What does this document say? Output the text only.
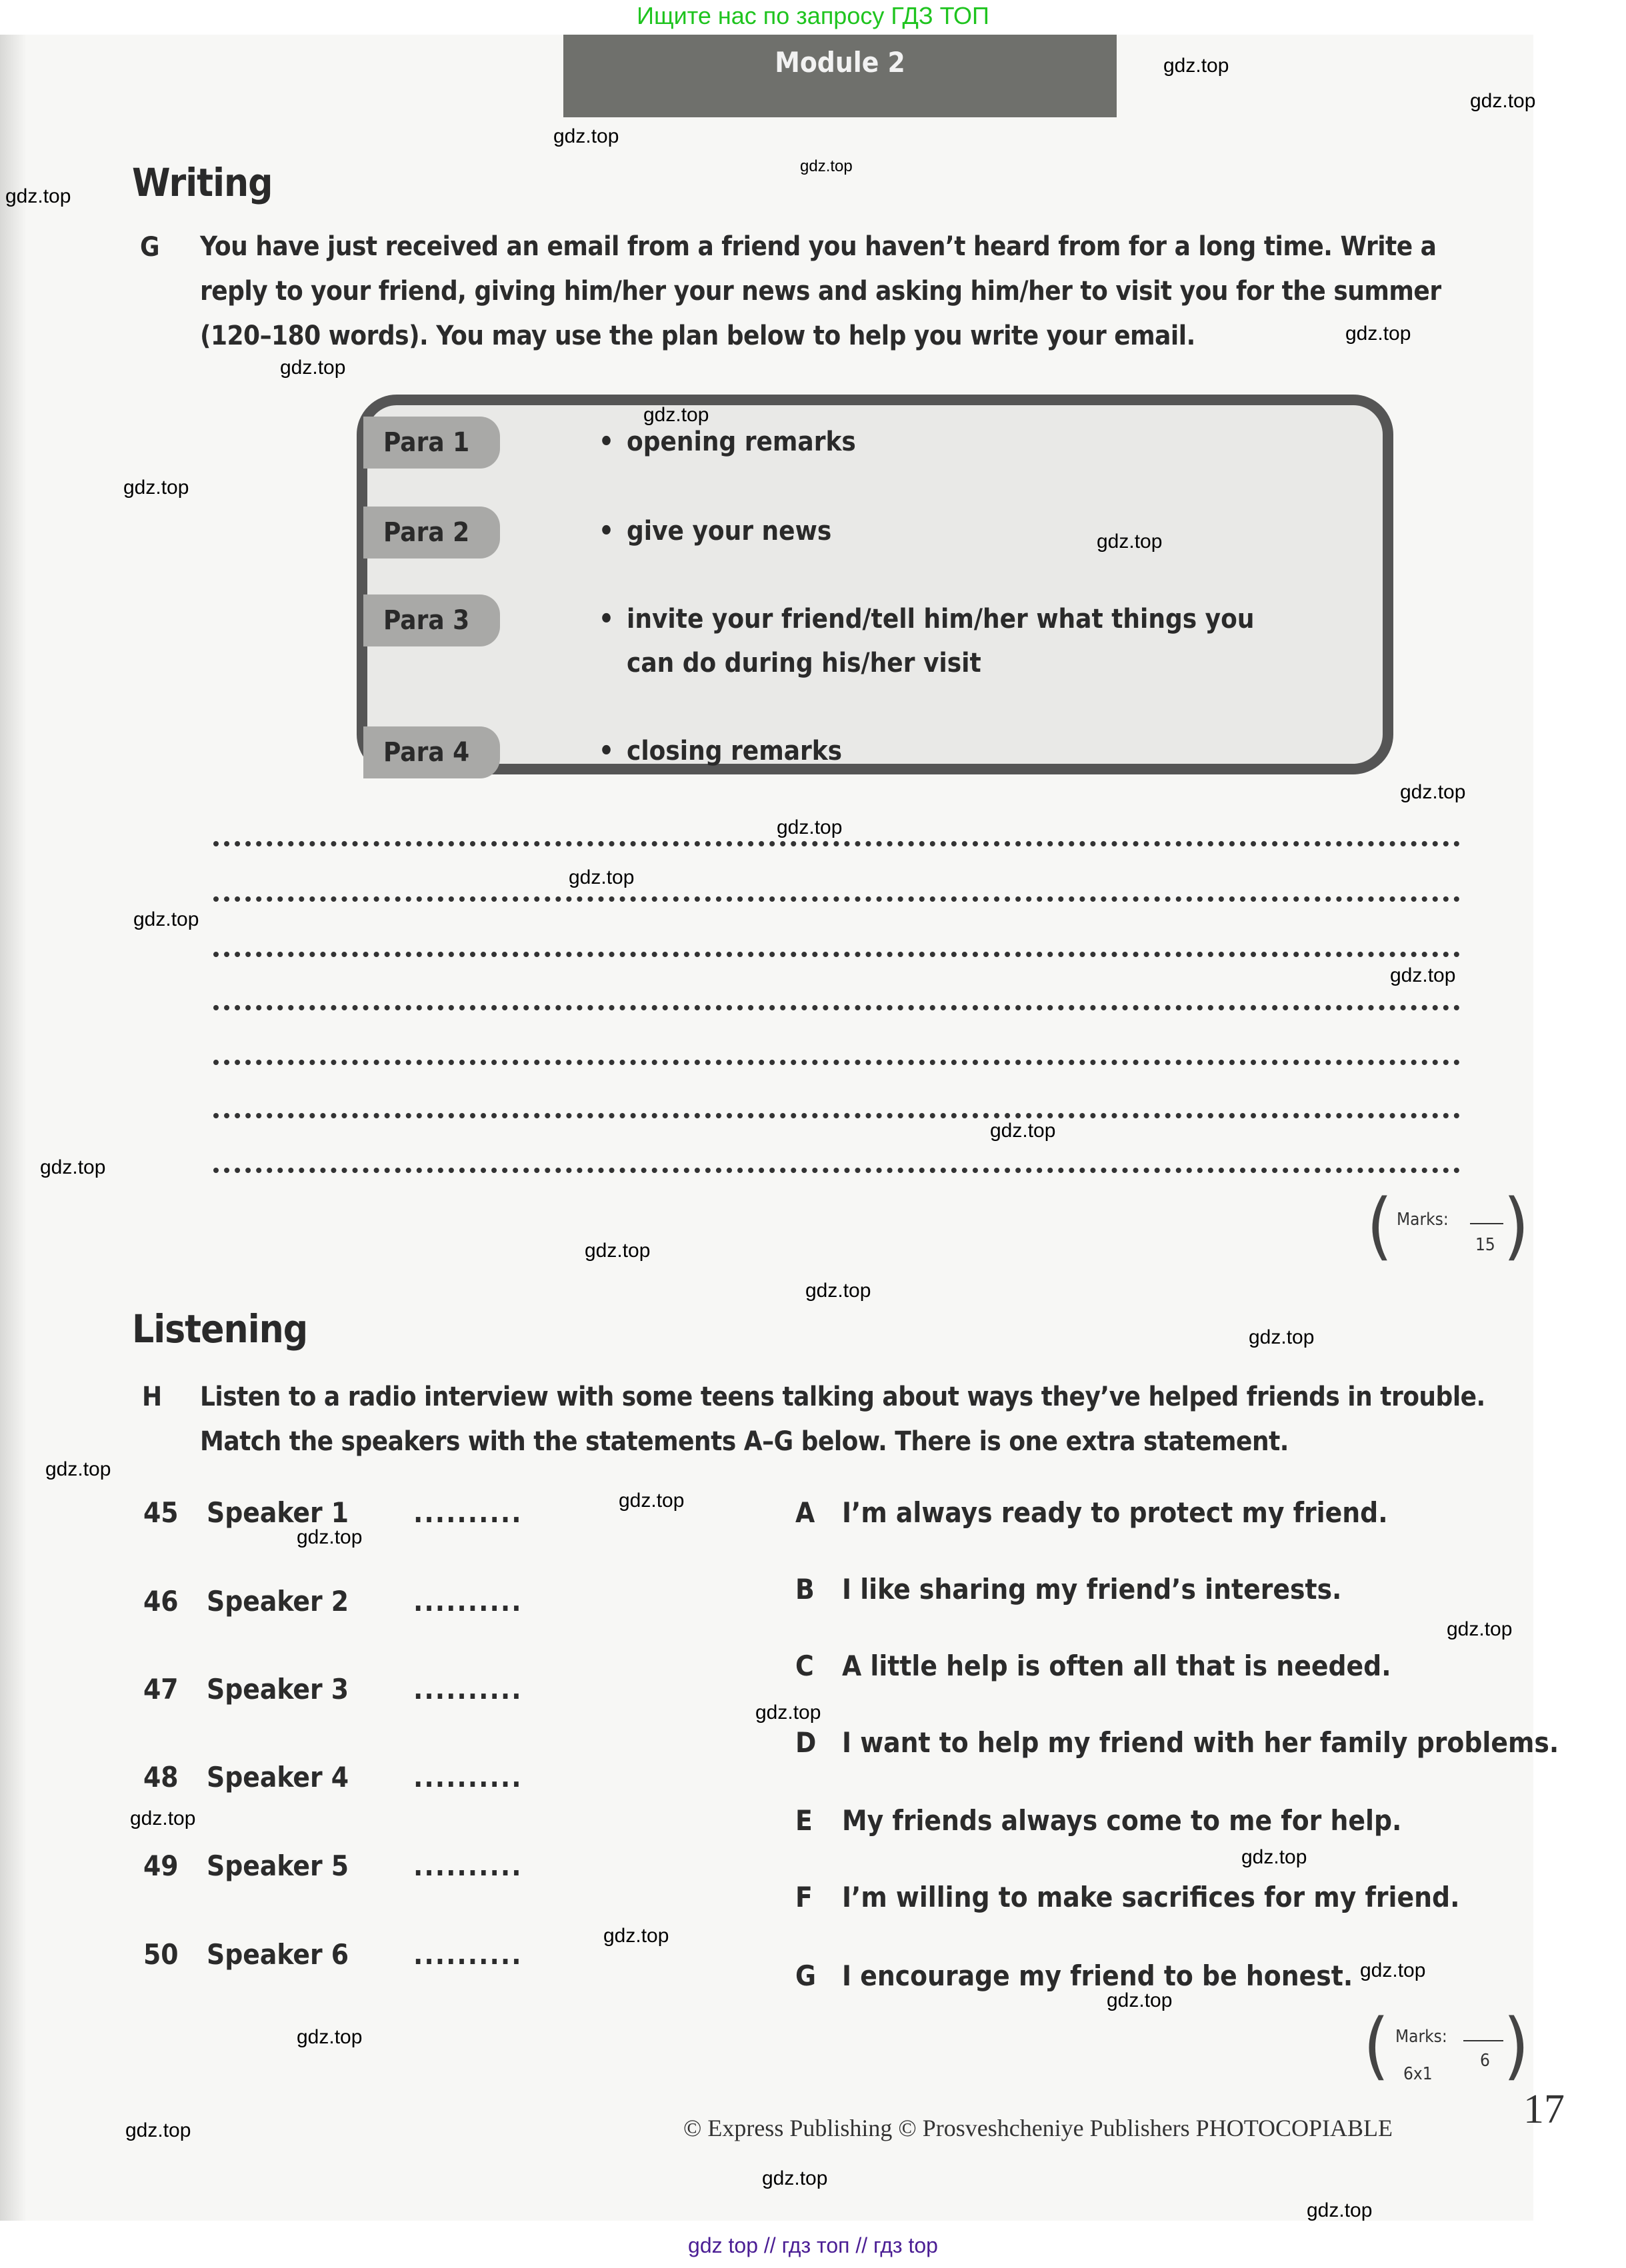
Ищите нас по запросу ГДЗ ТОП
Module 2
Writing
G You have just received an email from a friend you haven’t heard from for a long time. Write a
reply to your friend, giving him/her your news and asking him/her to visit you for the summer
(120–180 words). You may use the plan below to help you write your email.
Para 1	• opening remarks
Para 2	• give your news
Para 3	• invite your friend/tell him/her what things you
can do during his/her visit
Para 4	• closing remarks
( Marks:
15 )
Listening
H Listen to a radio interview with some teens talking about ways they’ve helped friends in trouble.
Match the speakers with the statements A–G below. There is one extra statement.
45 Speaker 1 ..........
46 Speaker 2 ..........
47 Speaker 3 ..........
48 Speaker 4 ..........
49 Speaker 5 ..........
50 Speaker 6 ..........
A I’m always ready to protect my friend.
B I like sharing my friend’s interests.
C A little help is often all that is needed.
D I want to help my friend with her family problems.
E My friends always come to me for help.
F I’m willing to make sacrifices for my friend.
G I encourage my friend to be honest.
( Marks:
6
6x1 )
© Express Publishing © Prosveshcheniye Publishers PHOTOCOPIABLE	17
gdz.top
gdz.top
gdz.top
gdz.top
gdz.top
gdz.top
gdz.top
gdz.top
gdz.top
gdz.top
gdz.top
gdz.top
gdz.top
gdz.top
gdz.top
gdz.top
gdz.top
gdz.top
gdz.top
gdz.top
gdz.top
gdz.top
gdz.top
gdz.top
gdz.top
gdz.top
gdz.top
gdz.top
gdz.top
gdz.top
gdz.top
gdz.top
gdz.top
gdz.top
gdz top // гдз топ // гдз top
